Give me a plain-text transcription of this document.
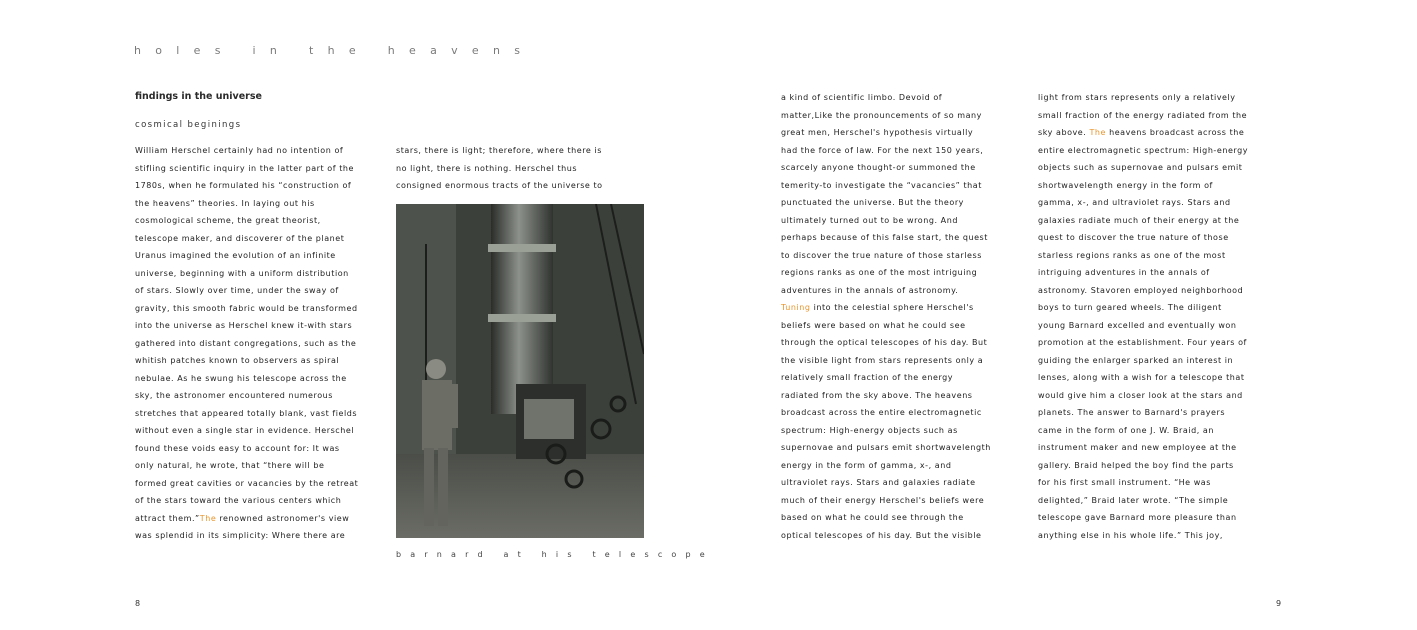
holes in the heavens
findings in the universe
cosmical beginings
William Herschel certainly had no intention of
stifling scientific inquiry in the latter part of the
1780s, when he formulated his “construction of
the heavens” theories. In laying out his
cosmological scheme, the great theorist,
telescope maker, and discoverer of the planet
Uranus imagined the evolution of an infinite
universe, beginning with a uniform distribution
of stars. Slowly over time, under the sway of
gravity, this smooth fabric would be transformed
into the universe as Herschel knew it-with stars
gathered into distant congregations, such as the
whitish patches known to observers as spiral
nebulae. As he swung his telescope across the
sky, the astronomer encountered numerous
stretches that appeared totally blank, vast fields
without even a single star in evidence. Herschel
found these voids easy to account for: It was
only natural, he wrote, that “there will be
formed great cavities or vacancies by the retreat
of the stars toward the various centers which
attract them.”The renowned astronomer's view
was splendid in its simplicity: Where there are
stars, there is light; therefore, where there is
no light, there is nothing. Herschel thus
consigned enormous tracts of the universe to
barnard at his telescope
a kind of scientific limbo. Devoid of
matter,Like the pronouncements of so many
great men, Herschel's hypothesis virtually
had the force of law. For the next 150 years,
scarcely anyone thought-or summoned the
temerity-to investigate the “vacancies” that
punctuated the universe. But the theory
ultimately turned out to be wrong. And
perhaps because of this false start, the quest
to discover the true nature of those starless
regions ranks as one of the most intriguing
adventures in the annals of astronomy.
Tuning into the celestial sphere Herschel's
beliefs were based on what he could see
through the optical telescopes of his day. But
the visible light from stars represents only a
relatively small fraction of the energy
radiated from the sky above. The heavens
broadcast across the entire electromagnetic
spectrum: High-energy objects such as
supernovae and pulsars emit shortwavelength
energy in the form of gamma, x-, and
ultraviolet rays. Stars and galaxies radiate
much of their energy Herschel's beliefs were
based on what he could see through the
optical telescopes of his day. But the visible
light from stars represents only a relatively
small fraction of the energy radiated from the
sky above. The heavens broadcast across the
entire electromagnetic spectrum: High-energy
objects such as supernovae and pulsars emit
shortwavelength energy in the form of
gamma, x-, and ultraviolet rays. Stars and
galaxies radiate much of their energy at the
quest to discover the true nature of those
starless regions ranks as one of the most
intriguing adventures in the annals of
astronomy. Stavoren employed neighborhood
boys to turn geared wheels. The diligent
young Barnard excelled and eventually won
promotion at the establishment. Four years of
guiding the enlarger sparked an interest in
lenses, along with a wish for a telescope that
would give him a closer look at the stars and
planets. The answer to Barnard's prayers
came in the form of one J. W. Braid, an
instrument maker and new employee at the
gallery. Braid helped the boy find the parts
for his first small instrument. “He was
delighted,” Braid later wrote. “The simple
telescope gave Barnard more pleasure than
anything else in his whole life.” This joy,
8	9
